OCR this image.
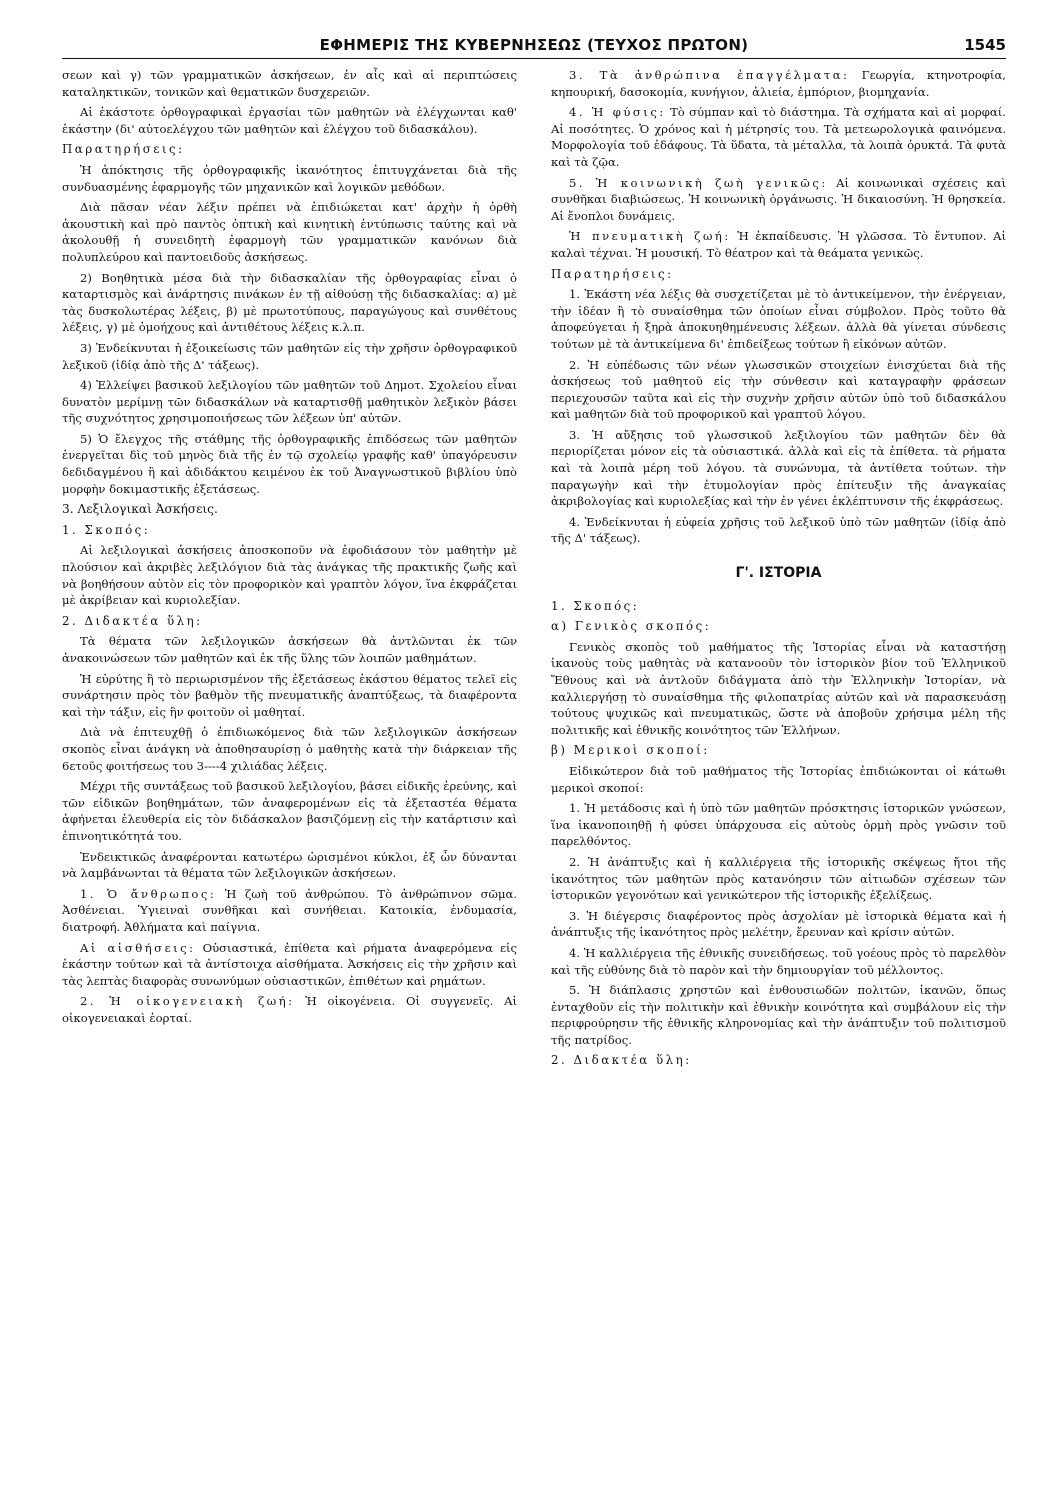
ΕΦΗΜΕΡΙΣ ΤΗΣ ΚΥΒΕΡΝΗΣΕΩΣ (ΤΕΥΧΟΣ ΠΡΩΤΟΝ)	1545

σεων καὶ γ) τῶν γραμματικῶν ἀσκήσεων, ἐν αἷς καὶ αἱ περιπτώσεις καταληκτικῶν, τονικῶν καὶ θεματικῶν δυσχερειῶν.

Αἱ ἑκάστοτε ὀρθογραφικαὶ ἐργασίαι τῶν μαθητῶν νὰ ἐλέγχωνται καθ' ἑκάστην (δι' αὐτοελέγχου τῶν μαθητῶν καὶ ἐλέγχου τοῦ διδασκάλου).

Παρατηρήσεις:

Ἡ ἀπόκτησις τῆς ὀρθογραφικῆς ἱκανότητος ἐπιτυγχάνεται διὰ τῆς συνδυασμένης ἐφαρμογῆς τῶν μηχανικῶν καὶ λογικῶν μεθόδων.

Διὰ πᾶσαν νέαν λέξιν πρέπει νὰ ἐπιδιώκεται κατ' ἀρχὴν ἡ ὀρθὴ ἀκουστικὴ καὶ πρὸ παντὸς ὀπτικὴ καὶ κινητικὴ ἐντύπωσις ταύτης καὶ νὰ ἀκολουθῇ ἡ συνειδητὴ ἐφαρμογὴ τῶν γραμματικῶν κανόνων διὰ πολυπλεύρου καὶ παντοειδοῦς ἀσκήσεως.

2) Βοηθητικὰ μέσα διὰ τὴν διδασκαλίαν τῆς ὀρθογραφίας εἶναι ὁ καταρτισμὸς καὶ ἀνάρτησις πινάκων ἐν τῇ αἰθούσῃ τῆς διδασκαλίας: α) μὲ τὰς δυσκολωτέρας λέξεις, β) μὲ πρωτοτύπους, παραγώγους καὶ συνθέτους λέξεις, γ) μὲ ὁμοήχους καὶ ἀντιθέτους λέξεις κ.λ.π.

3) Ἐνδείκνυται ἡ ἐξοικείωσις τῶν μαθητῶν εἰς τὴν χρῆσιν ὀρθογραφικοῦ λεξικοῦ (ἰδίᾳ ἀπὸ τῆς Δ' τάξεως).

4) Ἐλλείψει βασικοῦ λεξιλογίου τῶν μαθητῶν τοῦ Δημοτ. Σχολείου εἶναι δυνατὸν μερίμνῃ τῶν διδασκάλων νὰ καταρτισθῇ μαθητικὸν λεξικὸν βάσει τῆς συχνότητος χρησιμοποιήσεως τῶν λέξεων ὑπ' αὐτῶν.

5) Ὁ ἔλεγχος τῆς στάθμης τῆς ὀρθογραφικῆς ἐπιδόσεως τῶν μαθητῶν ἐνεργεῖται δὶς τοῦ μηνὸς διὰ τῆς ἐν τῷ σχολείῳ γραφῆς καθ' ὑπαγόρευσιν δεδιδαγμένου ἢ καὶ ἀδιδάκτου κειμένου ἐκ τοῦ Ἀναγνωστικοῦ βιβλίου ὑπὸ μορφὴν δοκιμαστικῆς ἐξετάσεως.

3. Λεξιλογικαὶ Ἀσκήσεις.

1. Σκοπός:

Αἱ λεξιλογικαὶ ἀσκήσεις ἀποσκοποῦν νὰ ἐφοδιάσουν τὸν μαθητὴν μὲ πλούσιον καὶ ἀκριβὲς λεξιλόγιον διὰ τὰς ἀνάγκας τῆς πρακτικῆς ζωῆς καὶ νὰ βοηθήσουν αὐτὸν εἰς τὸν προφορικὸν καὶ γραπτὸν λόγον, ἵνα ἐκφράζεται μὲ ἀκρίβειαν καὶ κυριολεξίαν.

2. Διδακτέα ὕλη:

Τὰ θέματα τῶν λεξιλογικῶν ἀσκήσεων θὰ ἀντλῶνται ἐκ τῶν ἀνακοινώσεων τῶν μαθητῶν καὶ ἐκ τῆς ὕλης τῶν λοιπῶν μαθημάτων.

Ἡ εὐρύτης ἢ τὸ περιωρισμένον τῆς ἐξετάσεως ἑκάστου θέματος τελεῖ εἰς συνάρτησιν πρὸς τὸν βαθμὸν τῆς πνευματικῆς ἀναπτύξεως, τὰ διαφέροντα καὶ τὴν τάξιν, εἰς ἣν φοιτοῦν οἱ μαθηταί.

Διὰ νὰ ἐπιτευχθῇ ὁ ἐπιδιωκόμενος διὰ τῶν λεξιλογικῶν ἀσκήσεων σκοπὸς εἶναι ἀνάγκη νὰ ἀποθησαυρίσῃ ὁ μαθητὴς κατὰ τὴν διάρκειαν τῆς 6ετοῦς φοιτήσεως του 3----4 χιλιάδας λέξεις.

Μέχρι τῆς συντάξεως τοῦ βασικοῦ λεξιλογίου, βάσει εἰδικῆς ἐρεύνης, καὶ τῶν εἰδικῶν βοηθημάτων, τῶν ἀναφερομένων εἰς τὰ ἐξεταστέα θέματα ἀφήνεται ἐλευθερία εἰς τὸν διδάσκαλον βασιζόμενῃ εἰς τὴν κατάρτισιν καὶ ἐπινοητικότητά του.

Ἐνδεικτικῶς ἀναφέρονται κατωτέρω ὡρισμένοι κύκλοι, ἐξ ὧν δύνανται νὰ λαμβάνωνται τὰ θέματα τῶν λεξιλογικῶν ἀσκήσεων.

1. Ὁ ἄνθρωπος: Ἡ ζωὴ τοῦ ἀνθρώπου. Τὸ ἀνθρώπινον σῶμα. Ἀσθένειαι. Ὑγιειναὶ συνθῆκαι καὶ συνήθειαι. Κατοικία, ἐνδυμασία, διατροφή. Ἀθλήματα καὶ παίγνια.

Αἱ αἰσθήσεις: Οὐσιαστικά, ἐπίθετα καὶ ρήματα ἀναφερόμενα εἰς ἑκάστην τούτων καὶ τὰ ἀντίστοιχα αἰσθήματα. Ἀσκήσεις εἰς τὴν χρῆσιν καὶ τὰς λεπτὰς διαφορὰς συνωνύμων οὐσιαστικῶν, ἐπιθέτων καὶ ρημάτων.

2. Ἡ οἰκογενειακὴ ζωή: Ἡ οἰκογένεια. Οἱ συγγενεῖς. Αἱ οἰκογενειακαὶ ἑορταί.

3. Τὰ ἀνθρώπινα ἐπαγγέλματα: Γεωργία, κτηνοτροφία, κηπουρική, δασοκομία, κυνήγιον, ἁλιεία, ἐμπόριον, βιομηχανία.

4. Ἡ φύσις: Τὸ σύμπαν καὶ τὸ διάστημα. Τὰ σχήματα καὶ αἱ μορφαί. Αἱ ποσότητες. Ὁ χρόνος καὶ ἡ μέτρησίς του. Τὰ μετεωρολογικὰ φαινόμενα. Μορφολογία τοῦ ἐδάφους. Τὰ ὕδατα, τὰ μέταλλα, τὰ λοιπὰ ὀρυκτά. Τὰ φυτὰ καὶ τὰ ζῷα.

5. Ἡ κοινωνικὴ ζωὴ γενικῶς: Αἱ κοινωνικαὶ σχέσεις καὶ συνθῆκαι διαβιώσεως. Ἡ κοινωνικὴ ὀργάνωσις. Ἡ δικαιοσύνη. Ἡ θρησκεία. Αἱ ἔνοπλοι δυνάμεις.

Ἡ πνευματικὴ ζωή: Ἡ ἐκπαίδευσις. Ἡ γλῶσσα. Τὸ ἔντυπον. Αἱ καλαὶ τέχναι. Ἡ μουσική. Τὸ θέατρον καὶ τὰ θεάματα γενικῶς.

Παρατηρήσεις:

1. Ἑκάστη νέα λέξις θὰ συσχετίζεται μὲ τὸ ἀντικείμενον, τὴν ἐνέργειαν, τὴν ἰδέαν ἢ τὸ συναίσθημα τῶν ὁποίων εἶναι σύμβολον. Πρὸς τοῦτο θὰ ἀποφεύγεται ἡ ξηρὰ ἀποκυηθημένευσις λέξεων. ἀλλὰ θὰ γίνεται σύνδεσις τούτων μὲ τὰ ἀντικείμενα δι' ἐπιδείξεως τούτων ἢ εἰκόνων αὐτῶν.

2. Ἡ εὐπέδωσις τῶν νέων γλωσσικῶν στοιχείων ἐνισχύεται διὰ τῆς ἀσκήσεως τοῦ μαθητοῦ εἰς τὴν σύνθεσιν καὶ καταγραφὴν φράσεων περιεχουσῶν ταῦτα καὶ εἰς τὴν συχνὴν χρῆσιν αὐτῶν ὑπὸ τοῦ διδασκάλου καὶ μαθητῶν διὰ τοῦ προφορικοῦ καὶ γραπτοῦ λόγου.

3. Ἡ αὔξησις τοῦ γλωσσικοῦ λεξιλογίου τῶν μαθητῶν δὲν θὰ περιορίζεται μόνον εἰς τὰ οὐσιαστικά. ἀλλὰ καὶ εἰς τὰ ἐπίθετα. τὰ ρήματα καὶ τὰ λοιπὰ μέρη τοῦ λόγου. τὰ συνώνυμα, τὰ ἀντίθετα τούτων. τὴν παραγωγὴν καὶ τὴν ἐτυμολογίαν πρὸς ἐπίτευξιν τῆς ἀναγκαίας ἀκριβολογίας καὶ κυριολεξίας καὶ τὴν ἐν γένει ἐκλέπτυνσιν τῆς ἐκφράσεως.

4. Ἐνδείκνυται ἡ εὐφεία χρῆσις τοῦ λεξικοῦ ὑπὸ τῶν μαθητῶν (ἰδίᾳ ἀπὸ τῆς Δ' τάξεως).

Γ'. ΙΣΤΟΡΙΑ

1. Σκοπός:

α) Γενικὸς σκοπός:

Γενικὸς σκοπὸς τοῦ μαθήματος τῆς Ἱστορίας εἶναι νὰ καταστήσῃ ἱκανοὺς τοὺς μαθητὰς νὰ κατανοοῦν τὸν ἱστορικὸν βίον τοῦ Ἑλληνικοῦ Ἔθνους καὶ νὰ ἀντλοῦν διδάγματα ἀπὸ τὴν Ἑλληνικὴν Ἱστορίαν, νὰ καλλιεργήσῃ τὸ συναίσθημα τῆς φιλοπατρίας αὐτῶν καὶ νὰ παρασκευάσῃ τούτους ψυχικῶς καὶ πνευματικῶς, ὥστε νὰ ἀποβοῦν χρήσιμα μέλη τῆς πολιτικῆς καὶ ἐθνικῆς κοινότητος τῶν Ἑλλήνων.

β) Μερικοὶ σκοποί:

Εἰδικώτερον διὰ τοῦ μαθήματος τῆς Ἱστορίας ἐπιδιώκονται οἱ κάτωθι μερικοὶ σκοποί:

1. Ἡ μετάδοσις καὶ ἡ ὑπὸ τῶν μαθητῶν πρόσκτησις ἱστορικῶν γνώσεων, ἵνα ἱκανοποιηθῇ ἡ φύσει ὑπάρχουσα εἰς αὐτοὺς ὁρμὴ πρὸς γνῶσιν τοῦ παρελθόντος.

2. Ἡ ἀνάπτυξις καὶ ἡ καλλιέργεια τῆς ἱστορικῆς σκέψεως ἤτοι τῆς ἱκανότητος τῶν μαθητῶν πρὸς κατανόησιν τῶν αἰτιωδῶν σχέσεων τῶν ἱστορικῶν γεγονότων καὶ γενικώτερον τῆς ἱστορικῆς ἐξελίξεως.

3. Ἡ διέγερσις διαφέροντος πρὸς ἀσχολίαν μὲ ἱστορικὰ θέματα καὶ ἡ ἀνάπτυξις τῆς ἱκανότητος πρὸς μελέτην, ἔρευναν καὶ κρίσιν αὐτῶν.

4. Ἡ καλλιέργεια τῆς ἐθνικῆς συνειδήσεως. τοῦ γοέους πρὸς τὸ παρελθὸν καὶ τῆς εὐθύνης διὰ τὸ παρὸν καὶ τὴν δημιουργίαν τοῦ μέλλοντος.

5. Ἡ διάπλασις χρηστῶν καὶ ἐνθουσιωδῶν πολιτῶν, ἱκανῶν, ὅπως ἐνταχθοῦν εἰς τὴν πολιτικὴν καὶ ἐθνικὴν κοινότητα καὶ συμβάλουν εἰς τὴν περιφρούρησιν τῆς ἐθνικῆς κληρονομίας καὶ τὴν ἀνάπτυξιν τοῦ πολιτισμοῦ τῆς πατρίδος.

2. Διδακτέα ὕλη:
